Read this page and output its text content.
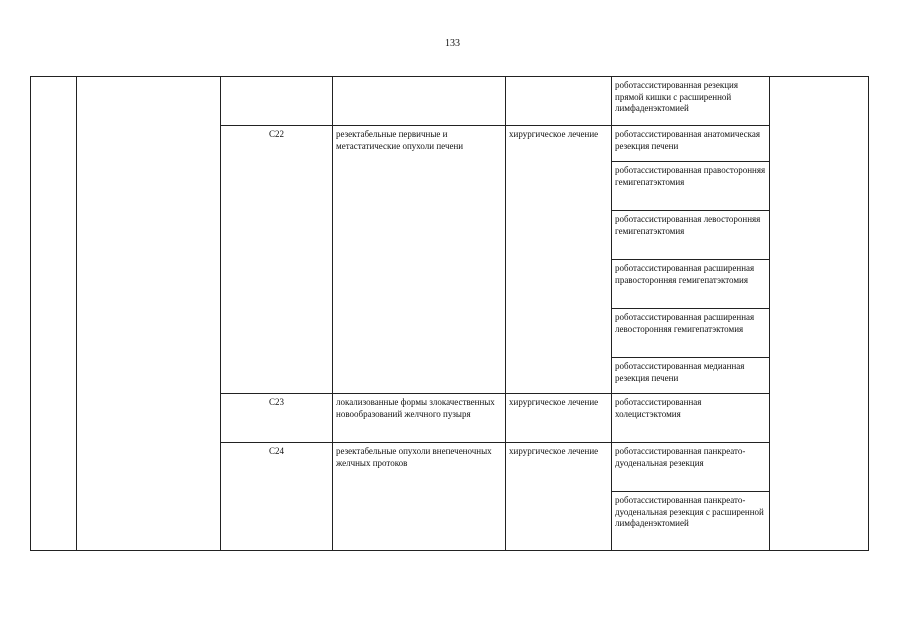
133
					роботассистированная резекция прямой кишки с расширенной лимфаденэктомией	
		C22	резектабельные первичные и метастатические опухоли печени	хирургическое лечение	роботассистированная анатомическая резекция печени	
					роботассистированная правосторонняя гемигепатэктомия	
					роботассистированная левосторонняя гемигепатэктомия	
					роботассистированная расширенная правосторонняя гемигепатэктомия	
					роботассистированная расширенная левосторонняя гемигепатэктомия	
					роботассистированная медианная резекция печени	
		C23	локализованные формы злокачественных новообразований желчного пузыря	хирургическое лечение	роботассистированная холецистэктомия	
		C24	резектабельные опухоли внепеченочных желчных протоков	хирургическое лечение	роботассистированная панкреато-дуоденальная резекция	
					роботассистированная панкреато-дуоденальная резекция с расширенной лимфаденэктомией	
